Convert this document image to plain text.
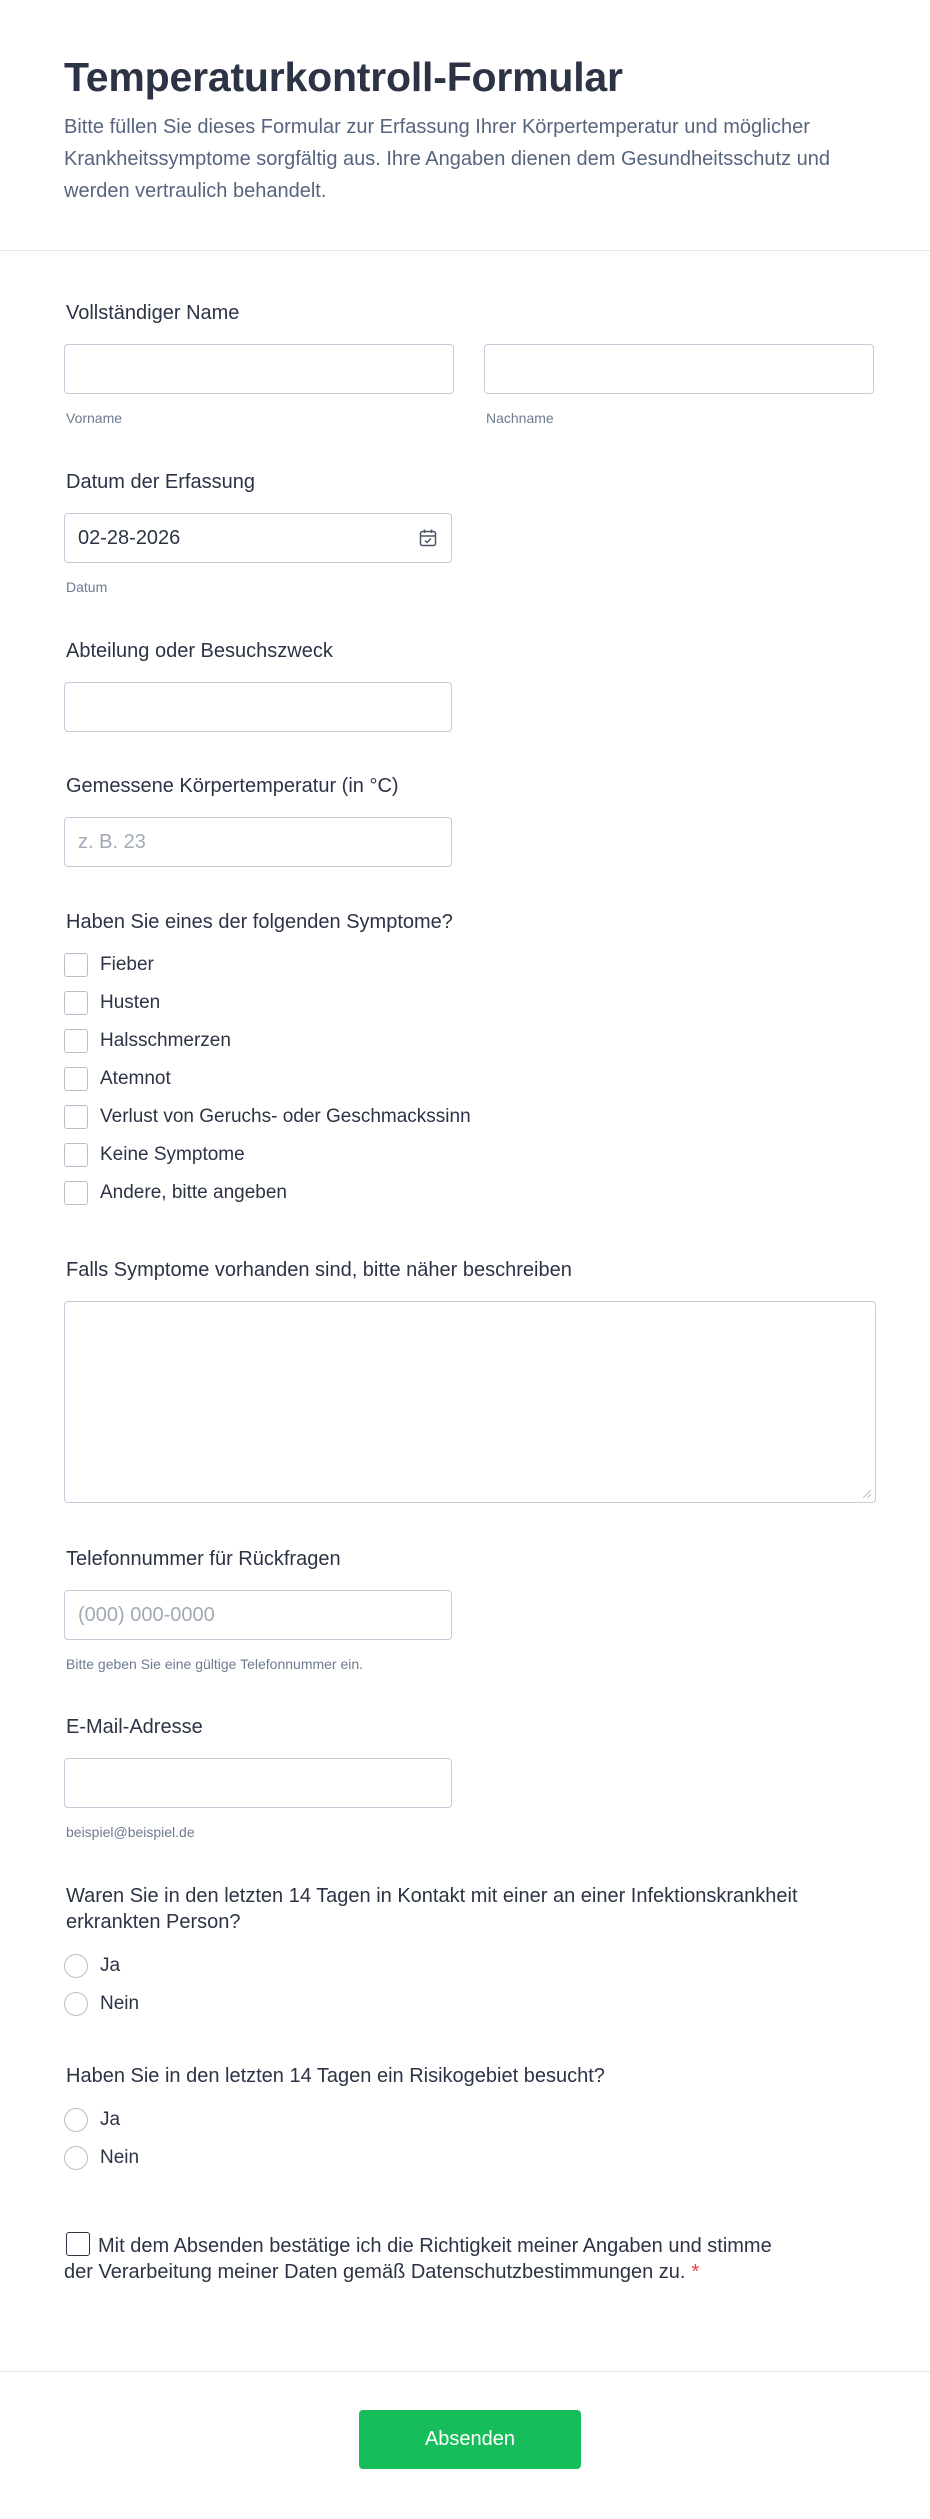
Temperaturkontroll-Formular

Bitte füllen Sie dieses Formular zur Erfassung Ihrer Körpertemperatur und möglicher Krankheitssymptome sorgfältig aus. Ihre Angaben dienen dem Gesundheitsschutz und werden vertraulich behandelt.

Vollständiger Name
Vorname	Nachname
Datum der Erfassung
02-28-2026
Datum
Abteilung oder Besuchszweck
Gemessene Körpertemperatur (in °C)
z. B. 23
Haben Sie eines der folgenden Symptome?
Fieber
Husten
Halsschmerzen
Atemnot
Verlust von Geruchs- oder Geschmackssinn
Keine Symptome
Andere, bitte angeben
Falls Symptome vorhanden sind, bitte näher beschreiben
Telefonnummer für Rückfragen
(000) 000-0000
Bitte geben Sie eine gültige Telefonnummer ein.
E-Mail-Adresse
beispiel@beispiel.de
Waren Sie in den letzten 14 Tagen in Kontakt mit einer an einer Infektionskrankheit erkrankten Person?
Ja
Nein
Haben Sie in den letzten 14 Tagen ein Risikogebiet besucht?
Ja
Nein
Mit dem Absenden bestätige ich die Richtigkeit meiner Angaben und stimme der Verarbeitung meiner Daten gemäß Datenschutzbestimmungen zu. *
Absenden
